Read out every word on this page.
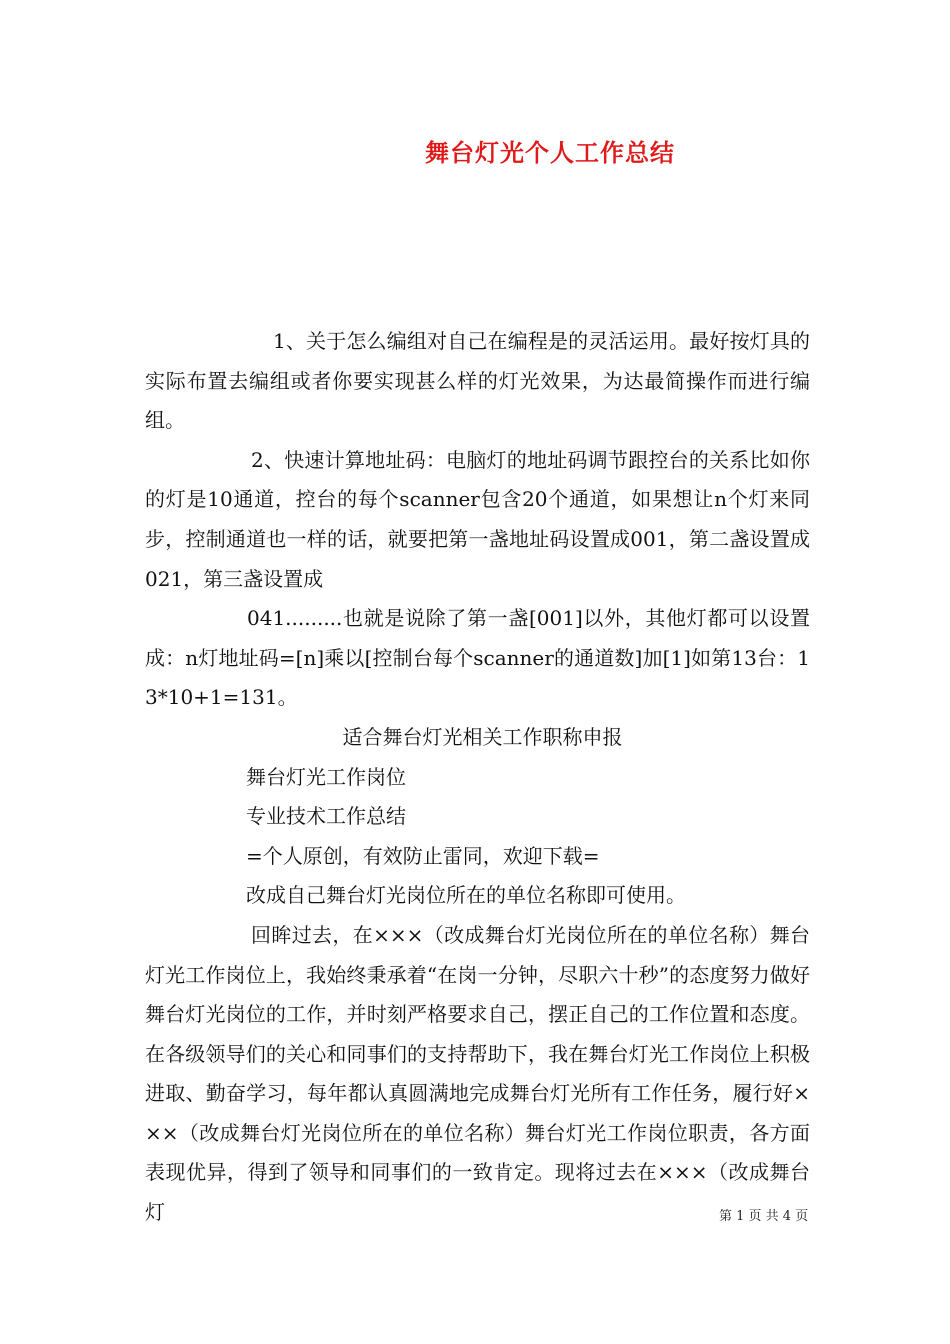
舞台灯光个人工作总结

1、关于怎么编组对自己在编程是的灵活运用。最好按灯具的实际布置去编组或者你要实现甚么样的灯光效果，为达最简操作而进行编组。

2、快速计算地址码：电脑灯的地址码调节跟控台的关系比如你的灯是10通道，控台的每个scanner包含20个通道，如果想让n个灯来同步，控制通道也一样的话，就要把第一盏地址码设置成001，第二盏设置成021，第三盏设置成

041.........也就是说除了第一盏[001]以外，其他灯都可以设置成：n灯地址码=[n]乘以[控制台每个scanner的通道数]加[1]如第13台：13*10+1=131。

适合舞台灯光相关工作职称申报

舞台灯光工作岗位

专业技术工作总结

=个人原创，有效防止雷同，欢迎下载=

改成自己舞台灯光岗位所在的单位名称即可使用。

回眸过去，在×××（改成舞台灯光岗位所在的单位名称）舞台灯光工作岗位上，我始终秉承着“在岗一分钟，尽职六十秒”的态度努力做好舞台灯光岗位的工作，并时刻严格要求自己，摆正自己的工作位置和态度。在各级领导们的关心和同事们的支持帮助下，我在舞台灯光工作岗位上积极进取、勤奋学习，每年都认真圆满地完成舞台灯光所有工作任务，履行好×××（改成舞台灯光岗位所在的单位名称）舞台灯光工作岗位职责，各方面表现优异，得到了领导和同事们的一致肯定。现将过去在×××（改成舞台灯	第 1 页 共 4 页
